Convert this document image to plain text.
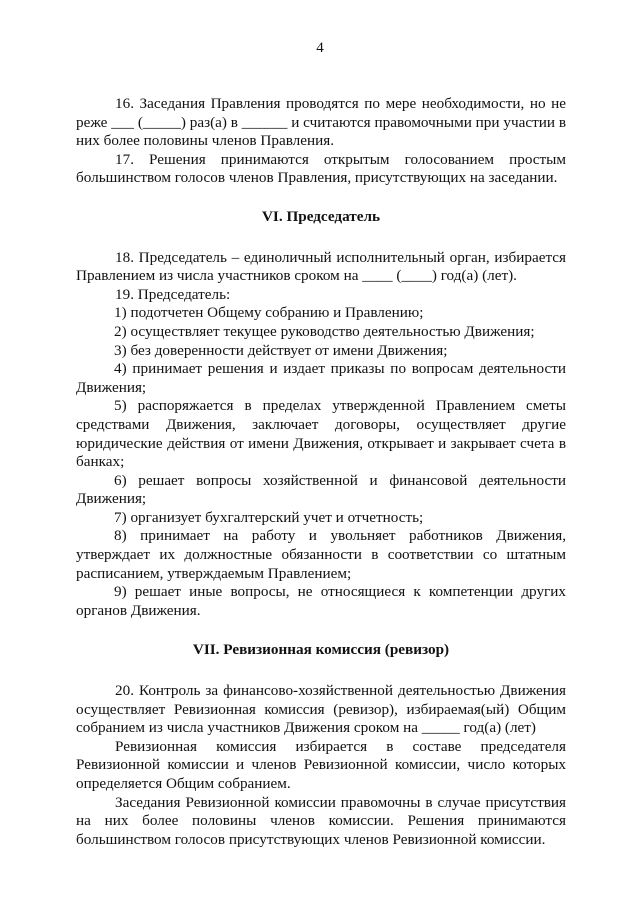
4

16. Заседания Правления проводятся по мере необходимости, но не реже ___ (_____) раз(а) в ______ и считаются правомочными при участии в них более половины членов Правления.

17. Решения принимаются открытым голосованием простым большинством голосов членов Правления, присутствующих на заседании.

VI. Председатель

18. Председатель – единоличный исполнительный орган, избирается Правлением из числа участников сроком на ____ (____) год(а) (лет).

19. Председатель:

1) подотчетен Общему собранию и Правлению;

2) осуществляет текущее руководство деятельностью Движения;

3) без доверенности действует от имени Движения;

4) принимает решения и издает приказы по вопросам деятельности Движения;

5) распоряжается в пределах утвержденной Правлением сметы средствами Движения, заключает договоры, осуществляет другие юридические действия от имени Движения, открывает и закрывает счета в банках;

6) решает вопросы хозяйственной и финансовой деятельности Движения;

7) организует бухгалтерский учет и отчетность;

8) принимает на работу и увольняет работников Движения, утверждает их должностные обязанности в соответствии со штатным расписанием, утверждаемым Правлением;

9) решает иные вопросы, не относящиеся к компетенции других органов Движения.

VII. Ревизионная комиссия (ревизор)

20. Контроль за финансово-хозяйственной деятельностью Движения осуществляет Ревизионная комиссия (ревизор), избираемая(ый) Общим собранием из числа участников Движения сроком на _____ год(а) (лет)

Ревизионная комиссия избирается в составе председателя Ревизионной комиссии и членов Ревизионной комиссии, число которых определяется Общим собранием.

Заседания Ревизионной комиссии правомочны в случае присутствия на них более половины членов комиссии. Решения принимаются большинством голосов присутствующих членов Ревизионной комиссии.
